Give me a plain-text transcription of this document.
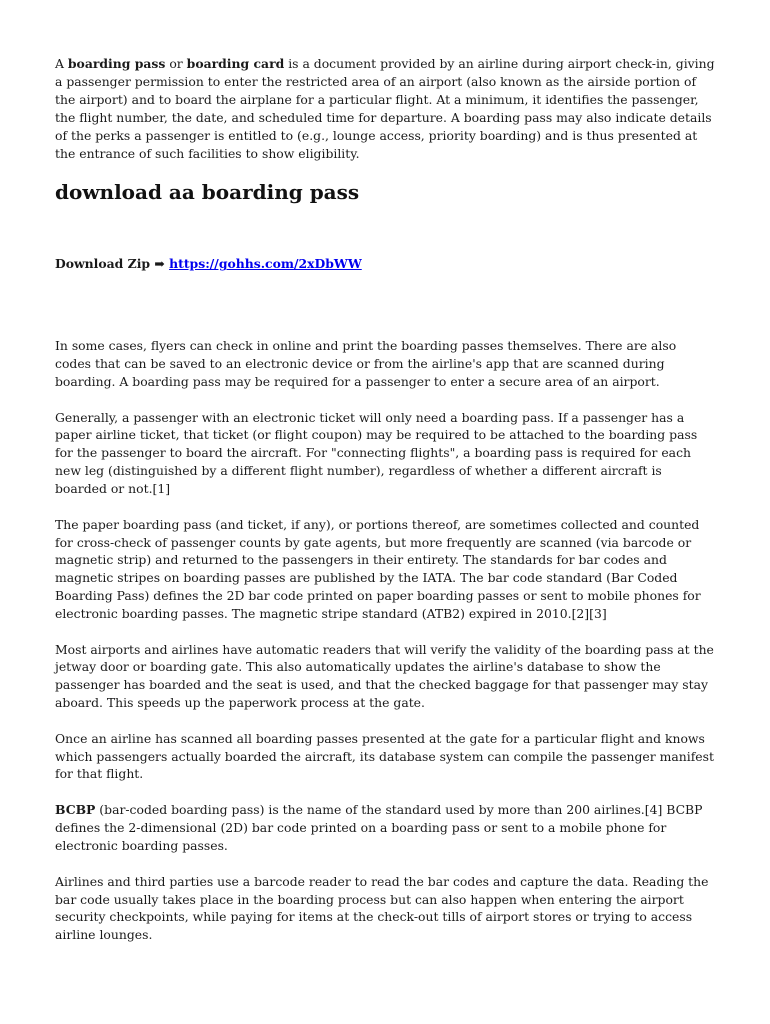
A boarding pass or boarding card is a document provided by an airline during airport check-in, giving a passenger permission to enter the restricted area of an airport (also known as the airside portion of the airport) and to board the airplane for a particular flight. At a minimum, it identifies the passenger, the flight number, the date, and scheduled time for departure. A boarding pass may also indicate details of the perks a passenger is entitled to (e.g., lounge access, priority boarding) and is thus presented at the entrance of such facilities to show eligibility.

download aa boarding pass

Download Zip ➡ https://gohhs.com/2xDbWW

In some cases, flyers can check in online and print the boarding passes themselves. There are also codes that can be saved to an electronic device or from the airline's app that are scanned during boarding. A boarding pass may be required for a passenger to enter a secure area of an airport.

Generally, a passenger with an electronic ticket will only need a boarding pass. If a passenger has a paper airline ticket, that ticket (or flight coupon) may be required to be attached to the boarding pass for the passenger to board the aircraft. For "connecting flights", a boarding pass is required for each new leg (distinguished by a different flight number), regardless of whether a different aircraft is boarded or not.[1]

The paper boarding pass (and ticket, if any), or portions thereof, are sometimes collected and counted for cross-check of passenger counts by gate agents, but more frequently are scanned (via barcode or magnetic strip) and returned to the passengers in their entirety. The standards for bar codes and magnetic stripes on boarding passes are published by the IATA. The bar code standard (Bar Coded Boarding Pass) defines the 2D bar code printed on paper boarding passes or sent to mobile phones for electronic boarding passes. The magnetic stripe standard (ATB2) expired in 2010.[2][3]

Most airports and airlines have automatic readers that will verify the validity of the boarding pass at the jetway door or boarding gate. This also automatically updates the airline's database to show the passenger has boarded and the seat is used, and that the checked baggage for that passenger may stay aboard. This speeds up the paperwork process at the gate.

Once an airline has scanned all boarding passes presented at the gate for a particular flight and knows which passengers actually boarded the aircraft, its database system can compile the passenger manifest for that flight.

BCBP (bar-coded boarding pass) is the name of the standard used by more than 200 airlines.[4] BCBP defines the 2-dimensional (2D) bar code printed on a boarding pass or sent to a mobile phone for electronic boarding passes.

Airlines and third parties use a barcode reader to read the bar codes and capture the data. Reading the bar code usually takes place in the boarding process but can also happen when entering the airport security checkpoints, while paying for items at the check-out tills of airport stores or trying to access airline lounges.
